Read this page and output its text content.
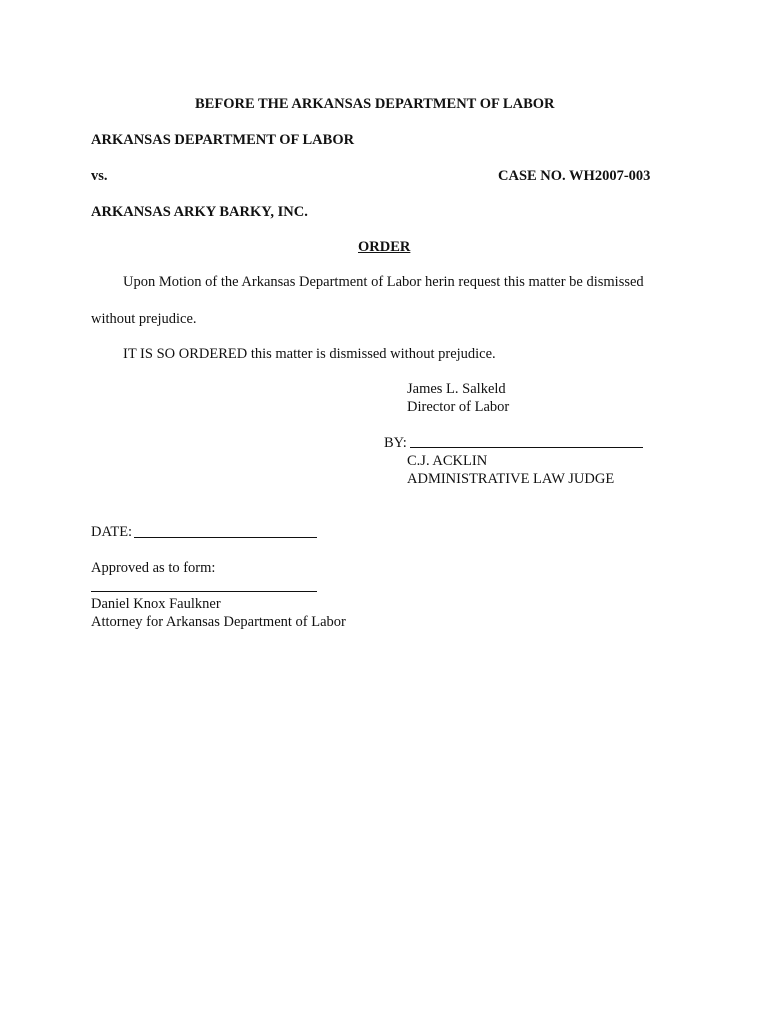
BEFORE THE ARKANSAS DEPARTMENT OF LABOR
ARKANSAS DEPARTMENT OF LABOR
vs.	CASE NO. WH2007-003
ARKANSAS ARKY BARKY, INC.
ORDER
Upon Motion of the Arkansas Department of Labor herin request this matter be dismissed
without prejudice.
IT IS SO ORDERED this matter is dismissed without prejudice.
James L. Salkeld
Director of Labor
BY:
C.J. ACKLIN
ADMINISTRATIVE LAW JUDGE
DATE:
Approved as to form:
Daniel Knox Faulkner
Attorney for Arkansas Department of Labor
